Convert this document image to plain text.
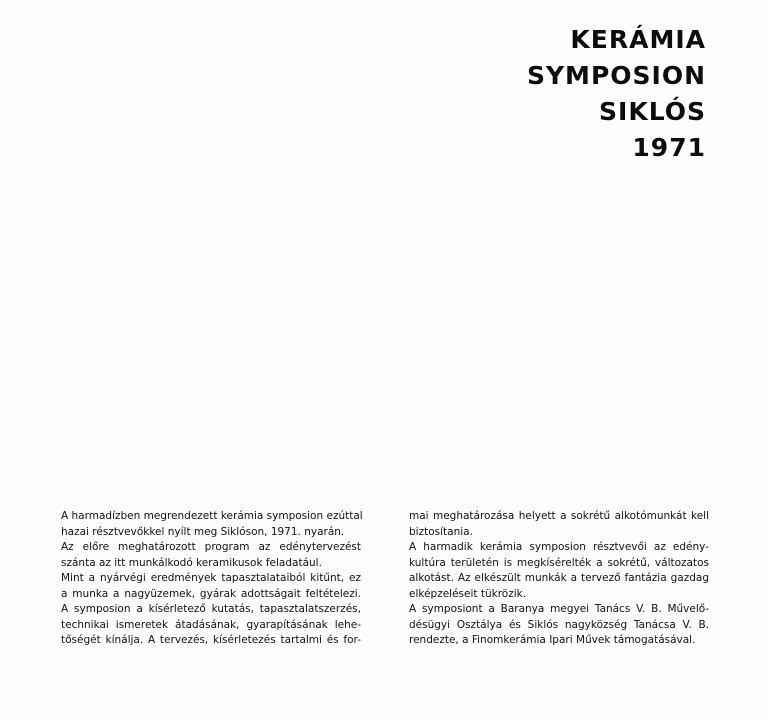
KERÁMIA
SYMPOSION
SIKLÓS
1971
A harmadízben megrendezett kerámia symposion ezúttal
hazai résztvevőkkel nyílt meg Siklóson, 1971. nyarán.
Az előre meghatározott program az edénytervezést
szánta az itt munkálkodó keramikusok feladatául.
Mint a nyárvégi eredmények tapasztalataiból kitűnt, ez
a munka a nagyüzemek, gyárak adottságait feltételezi.
A symposion a kísérletező kutatás, tapasztalatszerzés,
technikai ismeretek átadásának, gyarapításának lehe-
tőségét kínálja. A tervezés, kísérletezés tartalmi és for-
mai meghatározása helyett a sokrétű alkotómunkát kell
biztosítania.
A harmadik kerámia symposion résztvevői az edény-
kultúra területén is megkísérelték a sokrétű, változatos
alkotást. Az elkészült munkák a tervező fantázia gazdag
elképzeléseit tükrözik.
A symposiont a Baranya megyei Tanács V. B. Művelő-
désügyi Osztálya és Siklós nagyközség Tanácsa V. B.
rendezte, a Finomkerámia Ipari Művek támogatásával.
